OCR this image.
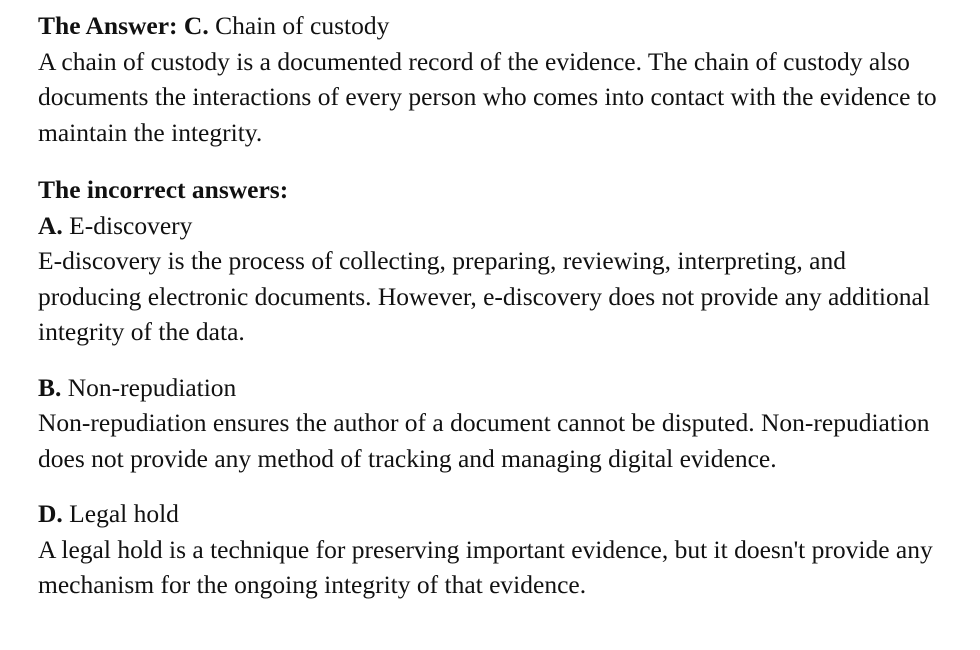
The Answer: C. Chain of custody
A chain of custody is a documented record of the evidence. The chain of custody also documents the interactions of every person who comes into contact with the evidence to maintain the integrity.
The incorrect answers:
A. E-discovery
E-discovery is the process of collecting, preparing, reviewing, interpreting, and producing electronic documents. However, e-discovery does not provide any additional integrity of the data.
B. Non-repudiation
Non-repudiation ensures the author of a document cannot be disputed. Non-repudiation does not provide any method of tracking and managing digital evidence.
D. Legal hold
A legal hold is a technique for preserving important evidence, but it doesn't provide any mechanism for the ongoing integrity of that evidence.
